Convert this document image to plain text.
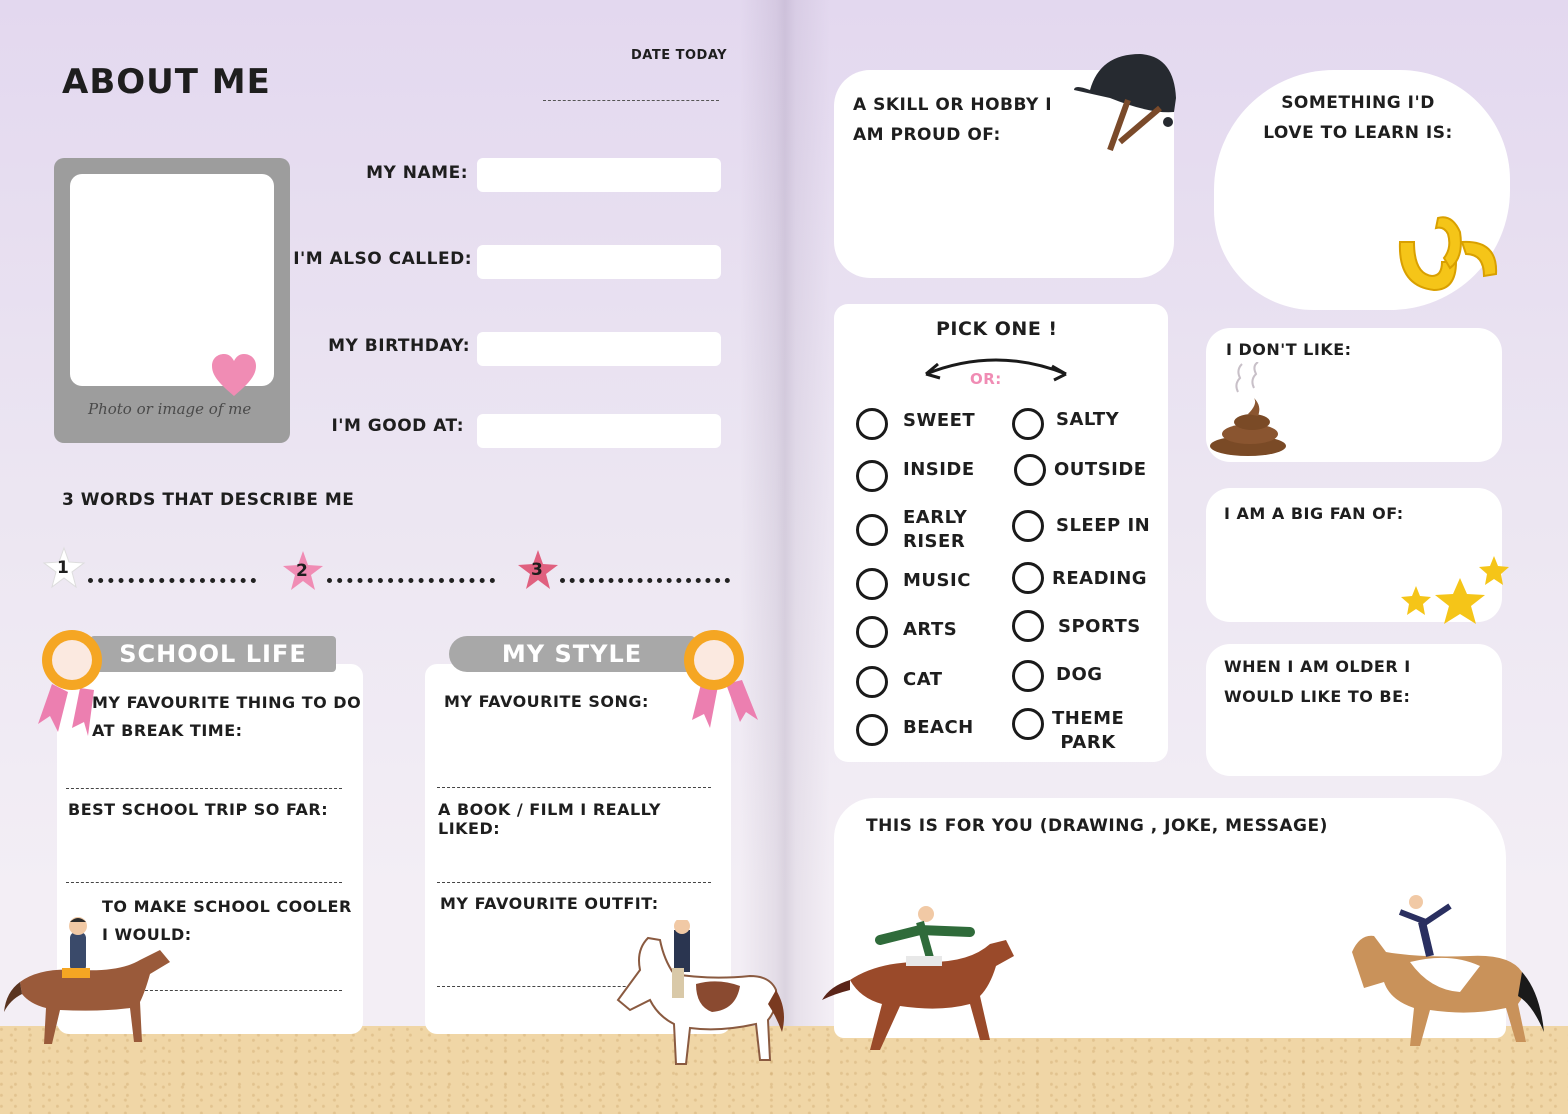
ABOUT ME
DATE TODAY
Photo or image of me
MY NAME:
I'M ALSO CALLED:
MY BIRTHDAY:
I'M GOOD AT:
3 WORDS THAT DESCRIBE ME
1	2	3
SCHOOL LIFE
MY FAVOURITE THING TO DO AT BREAK TIME:
BEST SCHOOL TRIP SO FAR:
TO MAKE SCHOOL COOLER I WOULD:
MY STYLE
MY FAVOURITE SONG:
A BOOK / FILM I REALLY LIKED:
MY FAVOURITE OUTFIT:
A SKILL OR HOBBY I AM PROUD OF:
SOMETHING I'D LOVE TO LEARN IS:
PICK ONE !
OR:
SWEET
INSIDE
EARLY RISER
MUSIC
ARTS
CAT
BEACH
SALTY
OUTSIDE
SLEEP IN
READING
SPORTS
DOG
THEME PARK
I DON'T LIKE:
I AM A BIG FAN OF:
WHEN I AM OLDER I WOULD LIKE TO BE:
THIS IS FOR YOU (DRAWING , JOKE, MESSAGE)
